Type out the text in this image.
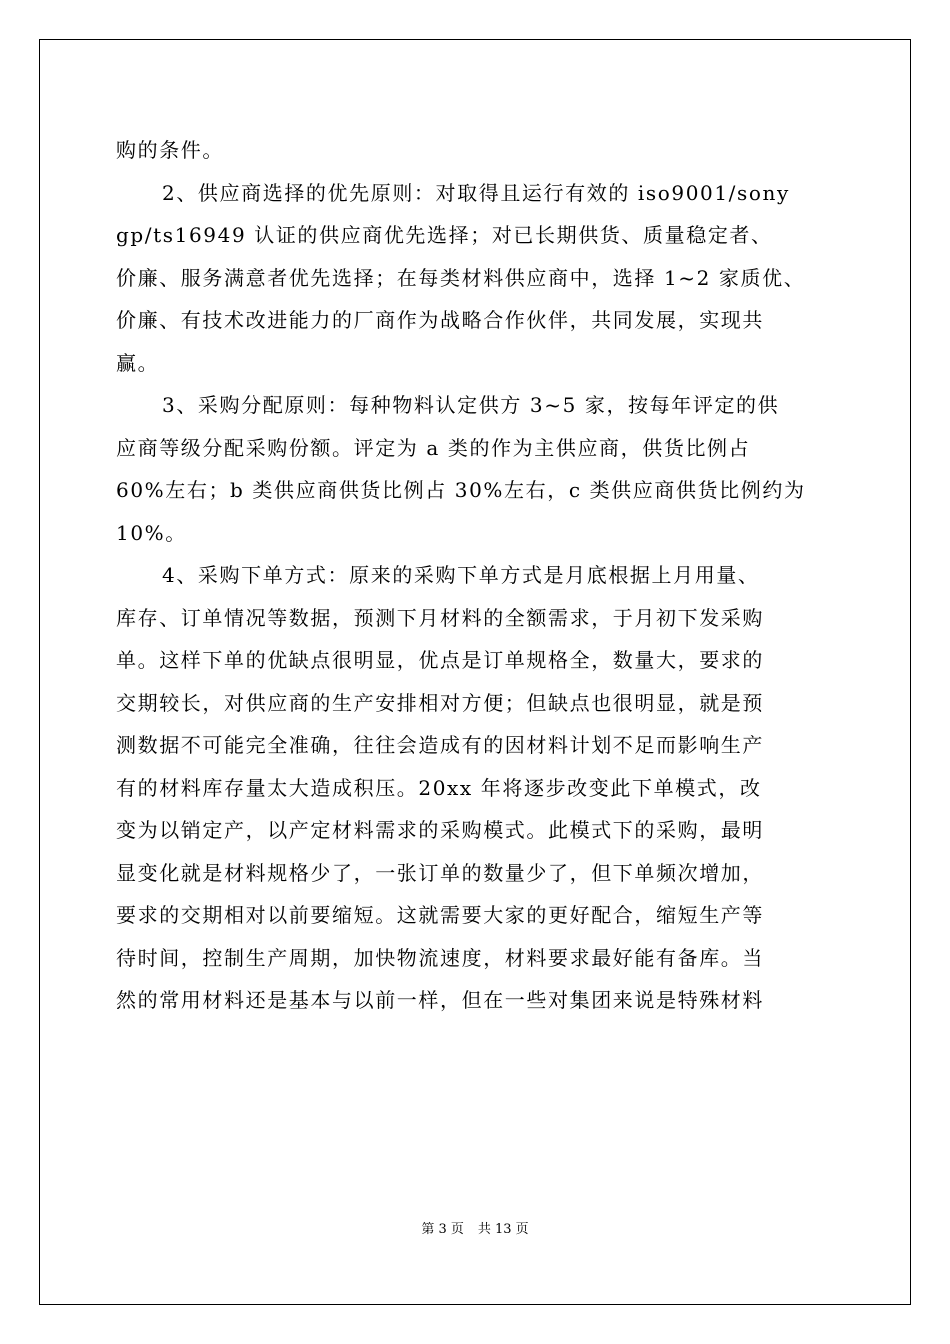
购的条件。
2、供应商选择的优先原则：对取得且运行有效的 iso9001/sony
gp/ts16949 认证的供应商优先选择；对已长期供货、质量稳定者、
价廉、服务满意者优先选择；在每类材料供应商中，选择 1~2 家质优、
价廉、有技术改进能力的厂商作为战略合作伙伴，共同发展，实现共
赢。
3、采购分配原则：每种物料认定供方 3~5 家，按每年评定的供
应商等级分配采购份额。评定为 a 类的作为主供应商，供货比例占
60%左右；b 类供应商供货比例占 30%左右，c 类供应商供货比例约为
10%。
4、采购下单方式：原来的采购下单方式是月底根据上月用量、
库存、订单情况等数据，预测下月材料的全额需求，于月初下发采购
单。这样下单的优缺点很明显，优点是订单规格全，数量大，要求的
交期较长，对供应商的生产安排相对方便；但缺点也很明显，就是预
测数据不可能完全准确，往往会造成有的因材料计划不足而影响生产
有的材料库存量太大造成积压。20xx 年将逐步改变此下单模式，改
变为以销定产，以产定材料需求的采购模式。此模式下的采购，最明
显变化就是材料规格少了，一张订单的数量少了，但下单频次增加，
要求的交期相对以前要缩短。这就需要大家的更好配合，缩短生产等
待时间，控制生产周期，加快物流速度，材料要求最好能有备库。当
然的常用材料还是基本与以前一样，但在一些对集团来说是特殊材料
第 3 页 共 13 页
